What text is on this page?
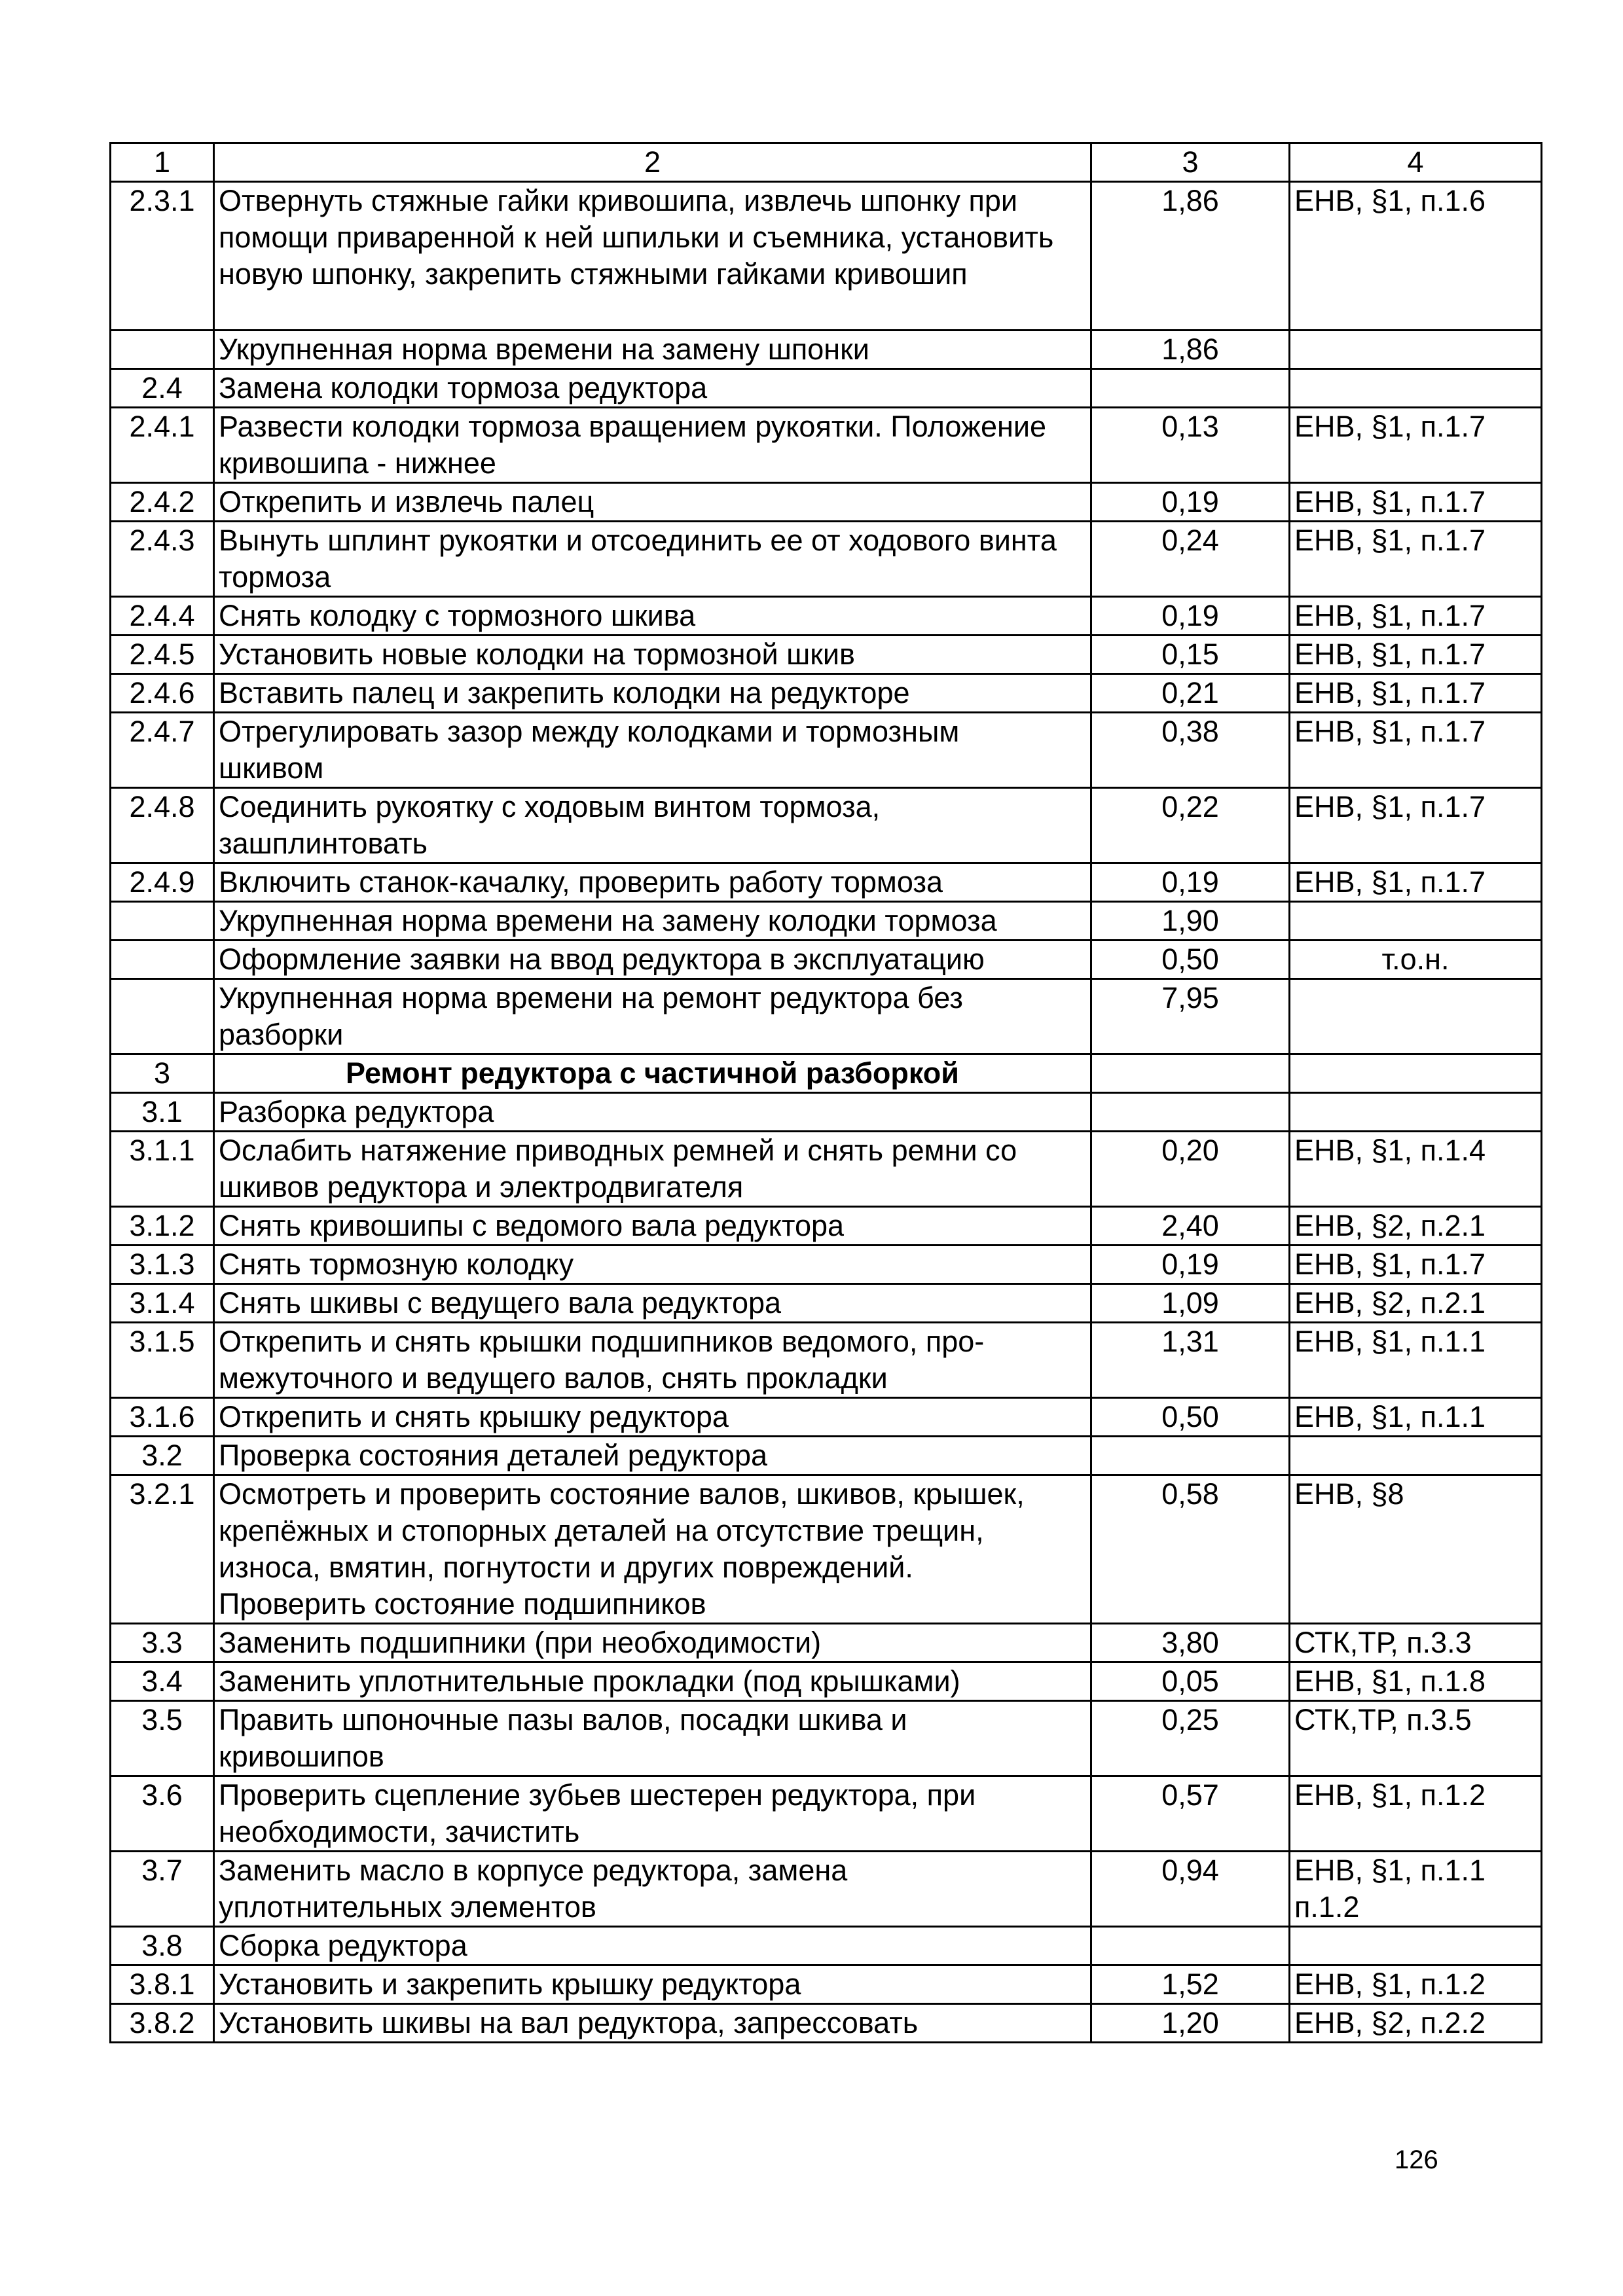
1	2	3	4
2.3.1	Отвернуть стяжные гайки кривошипа, извлечь шпонку при
помощи приваренной к ней шпильки и съемника, установить
новую шпонку, закрепить стяжными гайками кривошип	1,86	ЕНВ, §1, п.1.6
	Укрупненная норма времени на замену шпонки	1,86	
2.4	Замена колодки тормоза редуктора		
2.4.1	Развести колодки тормоза вращением рукоятки. Положение
кривошипа - нижнее	0,13	ЕНВ, §1, п.1.7
2.4.2	Открепить и извлечь палец	0,19	ЕНВ, §1, п.1.7
2.4.3	Вынуть шплинт рукоятки и отсоединить ее от ходового винта
тормоза	0,24	ЕНВ, §1, п.1.7
2.4.4	Снять колодку с тормозного шкива	0,19	ЕНВ, §1, п.1.7
2.4.5	Установить новые колодки на тормозной шкив	0,15	ЕНВ, §1, п.1.7
2.4.6	Вставить палец и закрепить колодки на редукторе	0,21	ЕНВ, §1, п.1.7
2.4.7	Отрегулировать зазор между колодками и тормозным
шкивом	0,38	ЕНВ, §1, п.1.7
2.4.8	Соединить рукоятку с ходовым винтом тормоза,
зашплинтовать	0,22	ЕНВ, §1, п.1.7
2.4.9	Включить станок-качалку, проверить работу тормоза	0,19	ЕНВ, §1, п.1.7
	Укрупненная норма времени на замену колодки тормоза	1,90	
	Оформление заявки на ввод редуктора в эксплуатацию	0,50	т.о.н.
	Укрупненная норма времени на ремонт редуктора без
разборки	7,95	
3	Ремонт редуктора с частичной разборкой		
3.1	Разборка редуктора		
3.1.1	Ослабить натяжение приводных ремней и снять ремни со
шкивов редуктора и электродвигателя	0,20	ЕНВ, §1, п.1.4
3.1.2	Снять кривошипы с ведомого вала редуктора	2,40	ЕНВ, §2, п.2.1
3.1.3	Снять тормозную колодку	0,19	ЕНВ, §1, п.1.7
3.1.4	Снять шкивы с ведущего вала редуктора	1,09	ЕНВ, §2, п.2.1
3.1.5	Открепить и снять крышки подшипников ведомого, про-
межуточного и ведущего валов, снять прокладки	1,31	ЕНВ, §1, п.1.1
3.1.6	Открепить и снять крышку редуктора	0,50	ЕНВ, §1, п.1.1
3.2	Проверка состояния деталей редуктора		
3.2.1	Осмотреть и проверить состояние валов, шкивов, крышек,
крепёжных и стопорных деталей на отсутствие трещин,
износа, вмятин, погнутости и других повреждений.
Проверить состояние подшипников	0,58	ЕНВ, §8
3.3	Заменить подшипники (при необходимости)	3,80	СТК,ТР, п.3.3
3.4	Заменить уплотнительные прокладки (под крышками)	0,05	ЕНВ, §1, п.1.8
3.5	Править шпоночные пазы валов, посадки шкива и
кривошипов	0,25	СТК,ТР, п.3.5
3.6	Проверить сцепление зубьев шестерен редуктора, при
необходимости, зачистить	0,57	ЕНВ, §1, п.1.2
3.7	Заменить масло в корпусе редуктора, замена
уплотнительных элементов	0,94	ЕНВ, §1, п.1.1
п.1.2
3.8	Сборка редуктора		
3.8.1	Установить и закрепить крышку редуктора	1,52	ЕНВ, §1, п.1.2
3.8.2	Установить шкивы на вал редуктора, запрессовать	1,20	ЕНВ, §2, п.2.2
126
